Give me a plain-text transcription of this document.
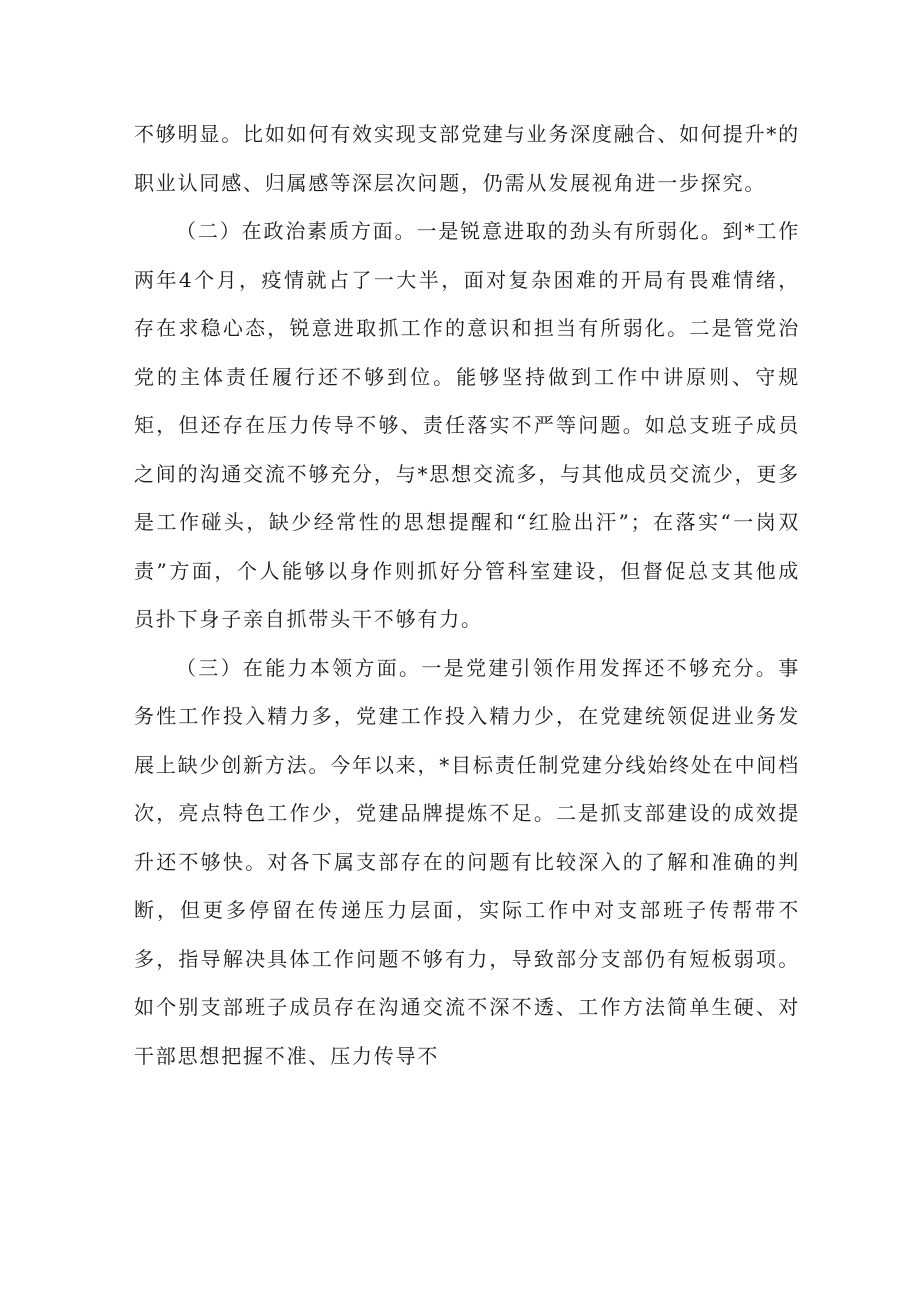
不够明显。比如如何有效实现支部党建与业务深度融合、如何提升*的职业认同感、归属感等深层次问题，仍需从发展视角进一步探究。

（二）在政治素质方面。一是锐意进取的劲头有所弱化。到*工作两年4个月，疫情就占了一大半，面对复杂困难的开局有畏难情绪，存在求稳心态，锐意进取抓工作的意识和担当有所弱化。二是管党治党的主体责任履行还不够到位。能够坚持做到工作中讲原则、守规矩，但还存在压力传导不够、责任落实不严等问题。如总支班子成员之间的沟通交流不够充分，与*思想交流多，与其他成员交流少，更多是工作碰头，缺少经常性的思想提醒和“红脸出汗”；在落实“一岗双责”方面，个人能够以身作则抓好分管科室建设，但督促总支其他成员扑下身子亲自抓带头干不够有力。

（三）在能力本领方面。一是党建引领作用发挥还不够充分。事务性工作投入精力多，党建工作投入精力少，在党建统领促进业务发展上缺少创新方法。今年以来，*目标责任制党建分线始终处在中间档次，亮点特色工作少，党建品牌提炼不足。二是抓支部建设的成效提升还不够快。对各下属支部存在的问题有比较深入的了解和准确的判断，但更多停留在传递压力层面，实际工作中对支部班子传帮带不多，指导解决具体工作问题不够有力，导致部分支部仍有短板弱项。如个别支部班子成员存在沟通交流不深不透、工作方法简单生硬、对干部思想把握不准、压力传导不
